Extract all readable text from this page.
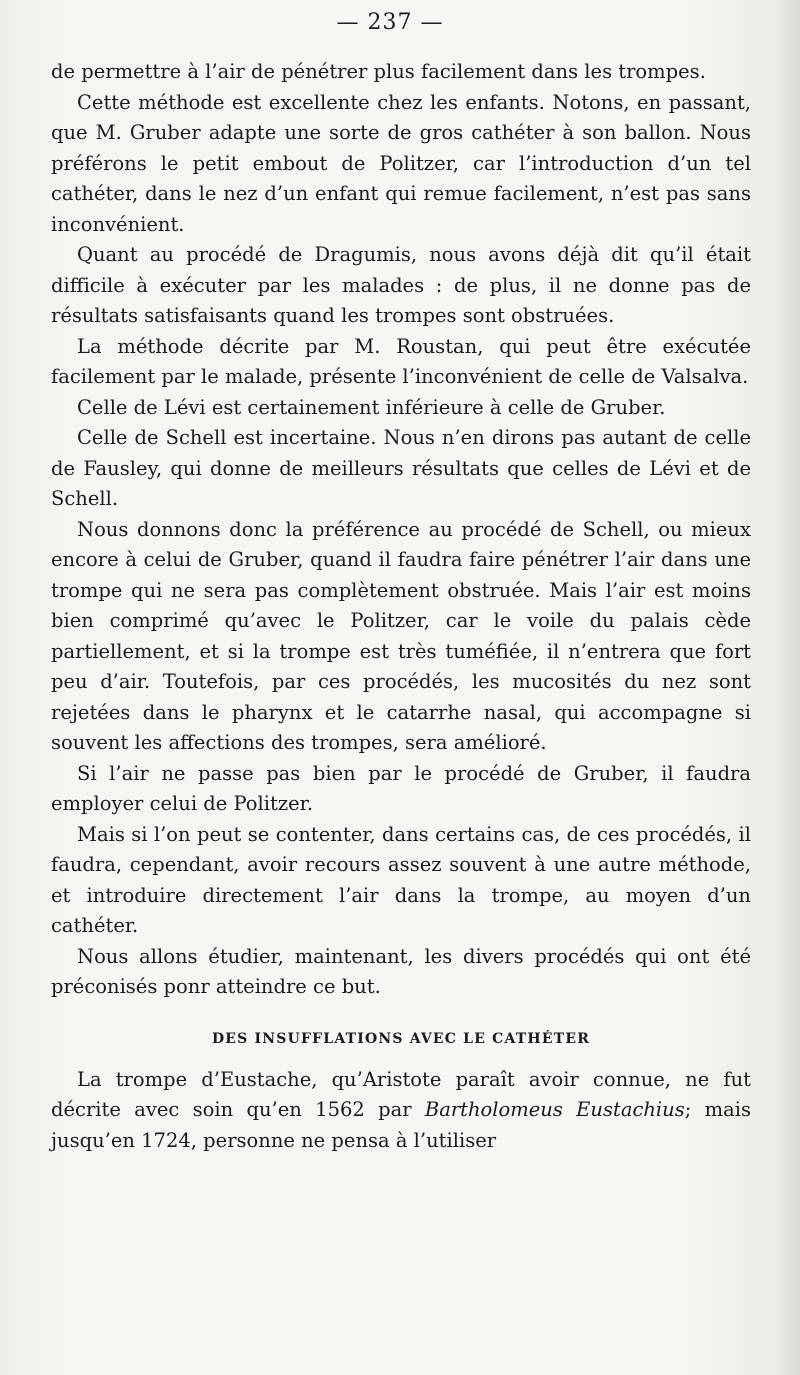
— 237 —

de permettre à l’air de pénétrer plus facilement dans les trompes.

Cette méthode est excellente chez les enfants. Notons, en passant, que M. Gruber adapte une sorte de gros cathéter à son ballon. Nous préférons le petit embout de Politzer, car l’introduction d’un tel cathéter, dans le nez d’un enfant qui remue facilement, n’est pas sans inconvénient.

Quant au procédé de Dragumis, nous avons déjà dit qu’il était difficile à exécuter par les malades : de plus, il ne donne pas de résultats satisfaisants quand les trompes sont obstruées.

La méthode décrite par M. Roustan, qui peut être exécutée facilement par le malade, présente l’inconvénient de celle de Valsalva.

Celle de Lévi est certainement inférieure à celle de Gruber.

Celle de Schell est incertaine. Nous n’en dirons pas autant de celle de Fausley, qui donne de meilleurs résultats que celles de Lévi et de Schell.

Nous donnons donc la préférence au procédé de Schell, ou mieux encore à celui de Gruber, quand il faudra faire pénétrer l’air dans une trompe qui ne sera pas complètement obstruée. Mais l’air est moins bien comprimé qu’avec le Politzer, car le voile du palais cède partiellement, et si la trompe est très tuméfiée, il n’entrera que fort peu d’air. Toutefois, par ces procédés, les mucosités du nez sont rejetées dans le pharynx et le catarrhe nasal, qui accompagne si souvent les affections des trompes, sera amélioré.

Si l’air ne passe pas bien par le procédé de Gruber, il faudra employer celui de Politzer.

Mais si l’on peut se contenter, dans certains cas, de ces procédés, il faudra, cependant, avoir recours assez souvent à une autre méthode, et introduire directement l’air dans la trompe, au moyen d’un cathéter.

Nous allons étudier, maintenant, les divers procédés qui ont été préconisés ponr atteindre ce but.

DES INSUFFLATIONS AVEC LE CATHÉTER

La trompe d’Eustache, qu’Aristote paraît avoir connue, ne fut décrite avec soin qu’en 1562 par Bartholomeus Eustachius; mais jusqu’en 1724, personne ne pensa à l’utiliser
